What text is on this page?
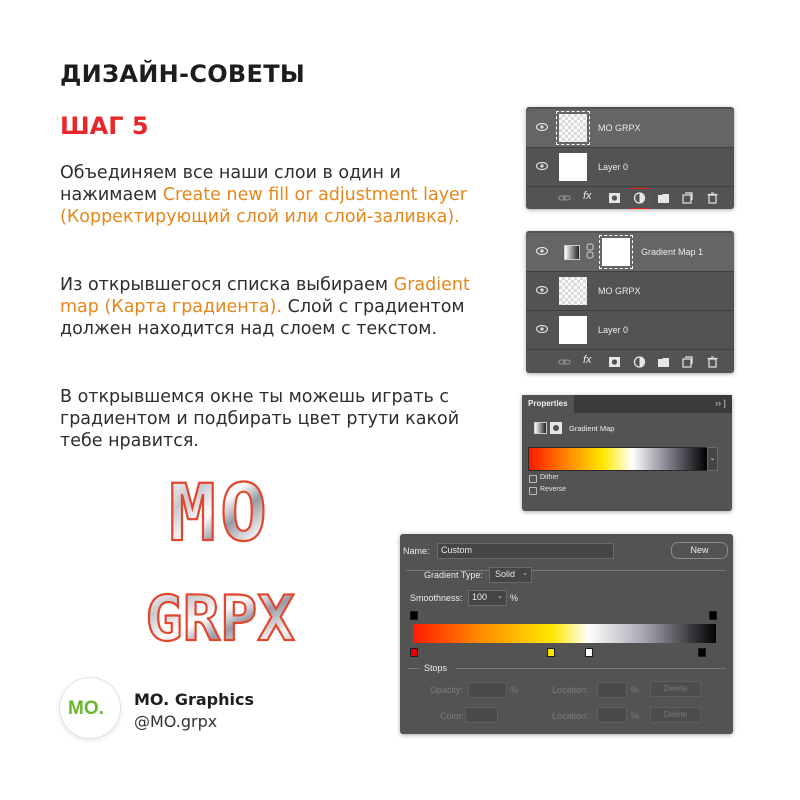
ДИЗАЙН-СОВЕТЫ
ШАГ 5
Объединяем все наши слои в один и нажимаем Create new fill or adjustment layer (Корректирующий слой или слой-заливка).
Из открывшегося списка выбираем Gradient map (Карта градиента). Слой с градиентом должен находится над слоем с текстом.
В открывшемся окне ты можешь играть с градиентом и подбирать цвет ртути какой тебе нравится.
MO
GRPX
MO. MO. Graphics
@MO.grpx
MO GRPX
Layer 0
fx
Gradient Map 1
MO GRPX
Layer 0
fx
Properties	›› |
Gradient Map
⌄
Dither
Reverse
Name: Custom	New
Gradient Type: Solid ⌄
Smoothness: 100 ⌄ %
Stops
Opacity:	%	Location:	%	Delete
Color:	Location:	%	Delete
